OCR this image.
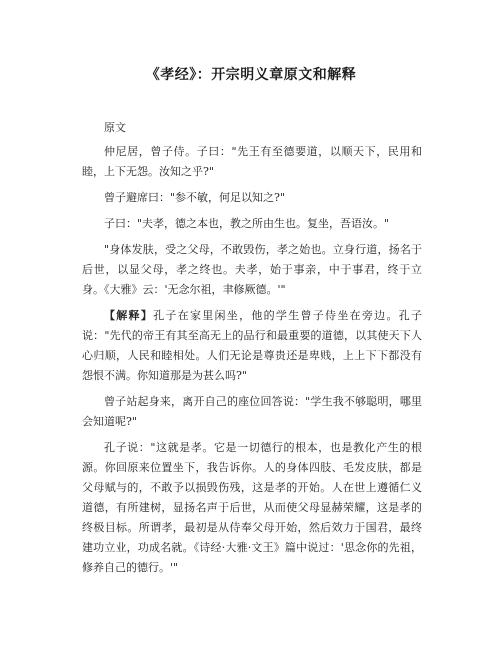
《孝经》：开宗明义章原文和解释
原文

仲尼居，曾子侍。子曰："先王有至德要道，以顺天下，民用和睦，上下无怨。汝知之乎?"

曾子避席曰："参不敏，何足以知之?"

子曰："夫孝，德之本也，教之所由生也。复坐，吾语汝。"

"身体发肤，受之父母，不敢毁伤，孝之始也。立身行道，扬名于后世，以显父母，孝之终也。夫孝，始于事亲，中于事君，终于立身。《大雅》云：'无念尔祖，聿修厥德。'"

【解释】孔子在家里闲坐，他的学生曾子侍坐在旁边。孔子说："先代的帝王有其至高无上的品行和最重要的道德，以其使天下人心归顺，人民和睦相处。人们无论是尊贵还是卑贱，上上下下都没有怨恨不满。你知道那是为甚么吗?"

曾子站起身来，离开自己的座位回答说："学生我不够聪明，哪里会知道呢?"

孔子说："这就是孝。它是一切德行的根本，也是教化产生的根源。你回原来位置坐下，我告诉你。人的身体四肢、毛发皮肤，都是父母赋与的，不敢予以损毁伤残，这是孝的开始。人在世上遵循仁义道德，有所建树，显扬名声于后世，从而使父母显赫荣耀，这是孝的终极目标。所谓孝，最初是从侍奉父母开始，然后效力于国君，最终建功立业，功成名就。《诗经·大雅·文王》篇中说过：'思念你的先祖，修养自己的德行。'"
